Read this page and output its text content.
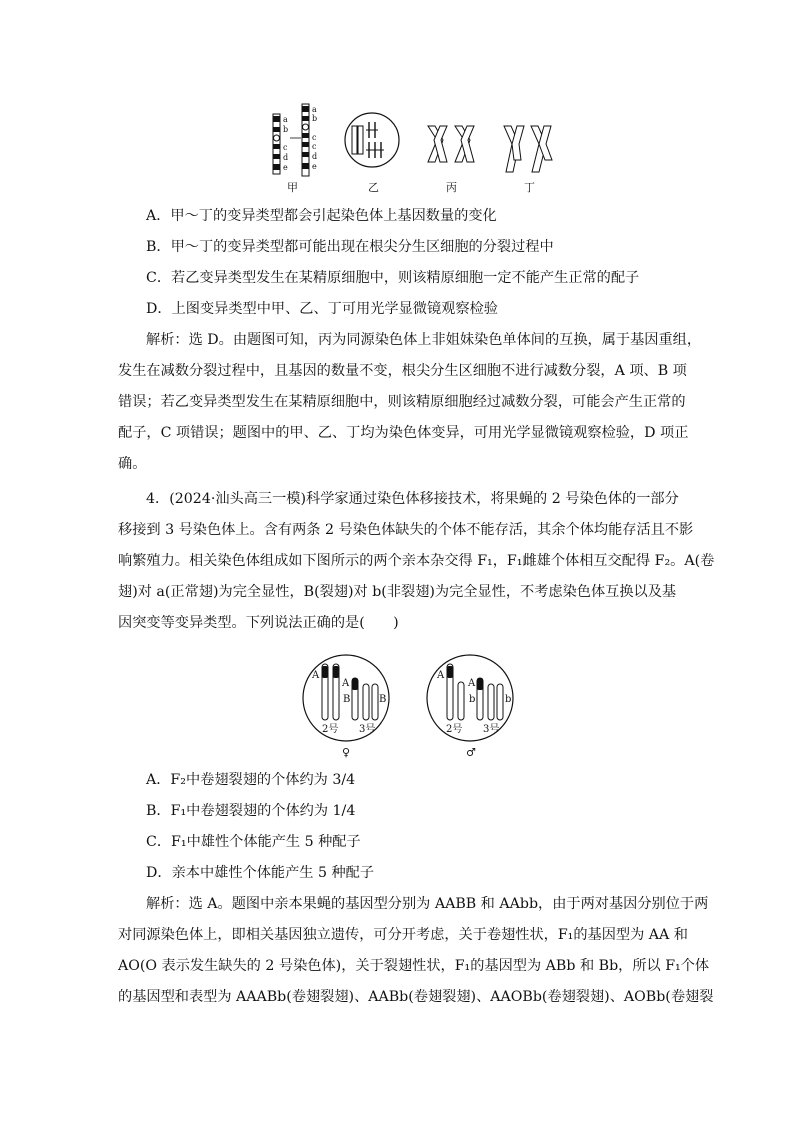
a
b
c
d
e
a
b
c
c
d
e
甲	乙	丙	丁
A．甲～丁的变异类型都会引起染色体上基因数量的变化
B．甲～丁的变异类型都可能出现在根尖分生区细胞的分裂过程中
C．若乙变异类型发生在某精原细胞中，则该精原细胞一定不能产生正常的配子
D．上图变异类型中甲、乙、丁可用光学显微镜观察检验
解析：选 D。由题图可知，丙为同源染色体上非姐妹染色单体间的互换，属于基因重组，
发生在减数分裂过程中，且基因的数量不变，根尖分生区细胞不进行减数分裂，A 项、B 项
错误；若乙变异类型发生在某精原细胞中，则该精原细胞经过减数分裂，可能会产生正常的
配子，C 项错误；题图中的甲、乙、丁均为染色体变异，可用光学显微镜观察检验，D 项正
确。
4．(2024·汕头高三一模)科学家通过染色体移接技术，将果蝇的 2 号染色体的一部分
移接到 3 号染色体上。含有两条 2 号染色体缺失的个体不能存活，其余个体均能存活且不影
响繁殖力。相关染色体组成如下图所示的两个亲本杂交得 F₁，F₁雌雄个体相互交配得 F₂。A(卷
翅)对 a(正常翅)为完全显性，B(裂翅)对 b(非裂翅)为完全显性，不考虑染色体互换以及基
因突变等变异类型。下列说法正确的是(　　)
A
A
B	B
2号 3号
♀
A
A
b	b
2号 3号
♂
A．F₂中卷翅裂翅的个体约为 3/4
B．F₁中卷翅裂翅的个体约为 1/4
C．F₁中雄性个体能产生 5 种配子
D．亲本中雄性个体能产生 5 种配子
解析：选 A。题图中亲本果蝇的基因型分别为 AABB 和 AAbb，由于两对基因分别位于两
对同源染色体上，即相关基因独立遗传，可分开考虑，关于卷翅性状，F₁的基因型为 AA 和
AO(O 表示发生缺失的 2 号染色体)，关于裂翅性状，F₁的基因型为 ABb 和 Bb，所以 F₁个体
的基因型和表型为 AAABb(卷翅裂翅)、AABb(卷翅裂翅)、AAOBb(卷翅裂翅)、AOBb(卷翅裂
